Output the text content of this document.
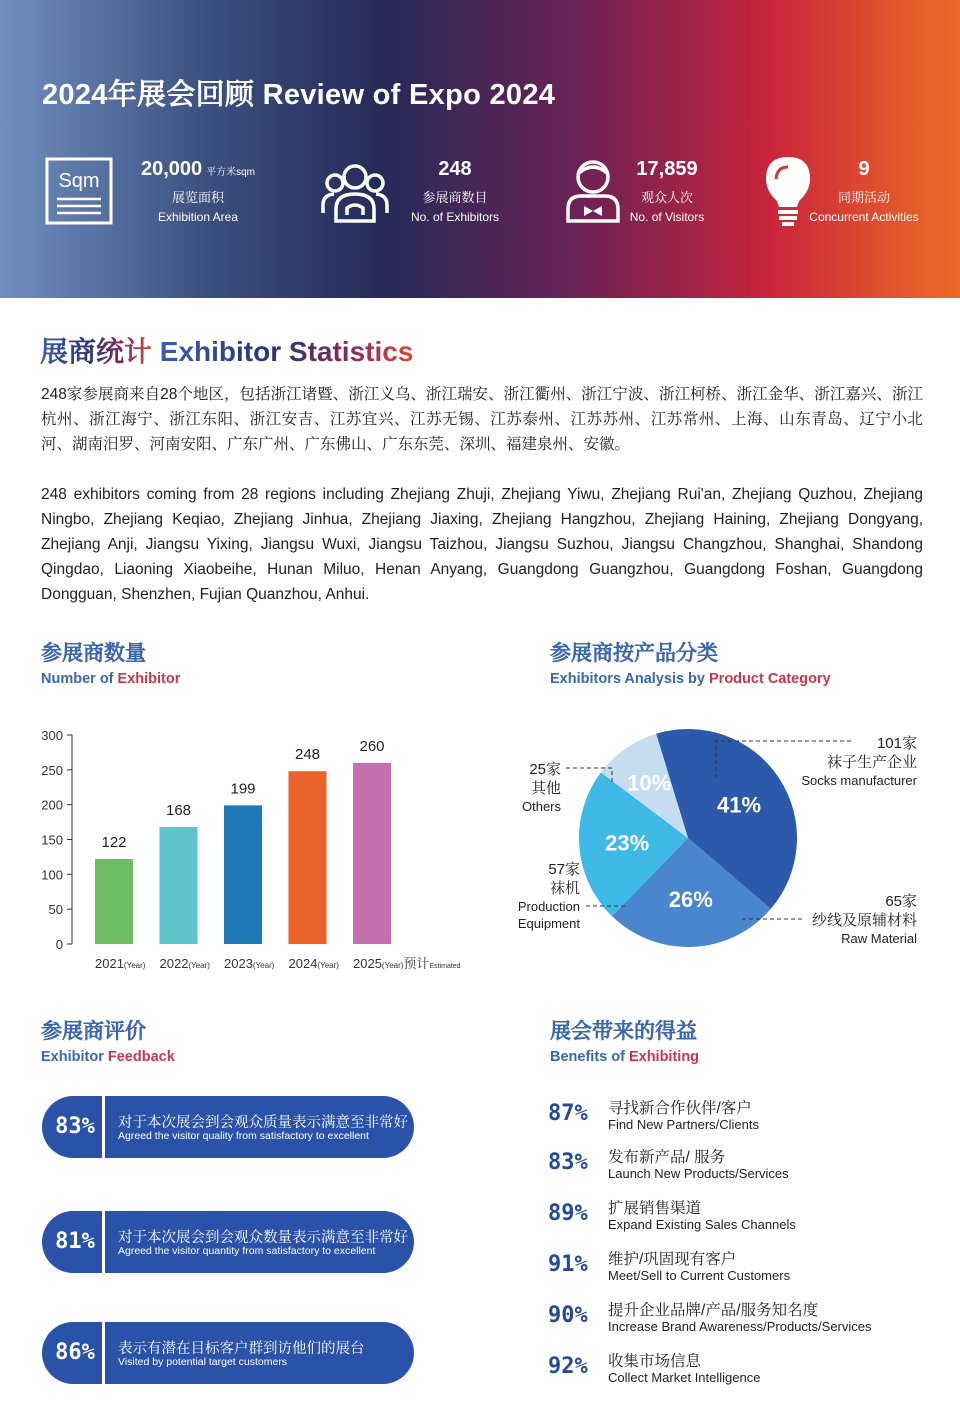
2024年展会回顾 Review of Expo 2024
Sqm
20,000 平方米sqm
展览面积
Exhibition Area
248
参展商数目
No. of Exhibitors
17,859
观众人次
No. of Visitors
9
同期活动
Concurrent Activities
展商统计 Exhibitor Statistics
248家参展商来自28个地区，包括浙江诸暨、浙江义乌、浙江瑞安、浙江衢州、浙江宁波、浙江柯桥、浙江金华、浙江嘉兴、浙江杭州、浙江海宁、浙江东阳、浙江安吉、江苏宜兴、江苏无锡、江苏泰州、江苏苏州、江苏常州、上海、山东青岛、辽宁小北河、湖南汨罗、河南安阳、广东广州、广东佛山、广东东莞、深圳、福建泉州、安徽。
248 exhibitors coming from 28 regions including Zhejiang Zhuji, Zhejiang Yiwu, Zhejiang Rui'an, Zhejiang Quzhou, Zhejiang Ningbo, Zhejiang Keqiao, Zhejiang Jinhua, Zhejiang Jiaxing, Zhejiang Hangzhou, Zhejiang Haining, Zhejiang Dongyang, Zhejiang Anji, Jiangsu Yixing, Jiangsu Wuxi, Jiangsu Taizhou, Jiangsu Suzhou, Jiangsu Changzhou, Shanghai, Shandong Qingdao, Liaoning Xiaobeihe, Hunan Miluo, Henan Anyang, Guangdong Guangzhou, Guangdong Foshan, Guangdong Dongguan, Shenzhen, Fujian Quanzhou, Anhui.
参展商数量
Number of Exhibitor
0
50
100
150
200
250
300
122
2021(Year)
168
2022(Year)
199
2023(Year)
248
2024(Year)
260
2025(Year)预计Estimated
参展商按产品分类
Exhibitors Analysis by Product Category
41%
26%
23%
10%
101家
袜子生产企业
Socks manufacturer
65家
纱线及原辅材料
Raw Material
57家
袜机
Production Equipment
25家
其他
Others
参展商评价
Exhibitor Feedback
83%	对于本次展会到会观众质量表示满意至非常好
Agreed the visitor quality from satisfactory to excellent
81%	对于本次展会到会观众数量表示满意至非常好
Agreed the visitor quantity from satisfactory to excellent
86%	表示有潜在目标客户群到访他们的展台
Visited by potential target customers
展会带来的得益
Benefits of Exhibiting
87% 寻找新合作伙伴/客户
Find New Partners/Clients
83% 发布新产品/ 服务
Launch New Products/Services
89% 扩展销售渠道
Expand Existing Sales Channels
91% 维护/巩固现有客户
Meet/Sell to Current Customers
90% 提升企业品牌/产品/服务知名度
Increase Brand Awareness/Products/Services
92% 收集市场信息
Collect Market Intelligence
